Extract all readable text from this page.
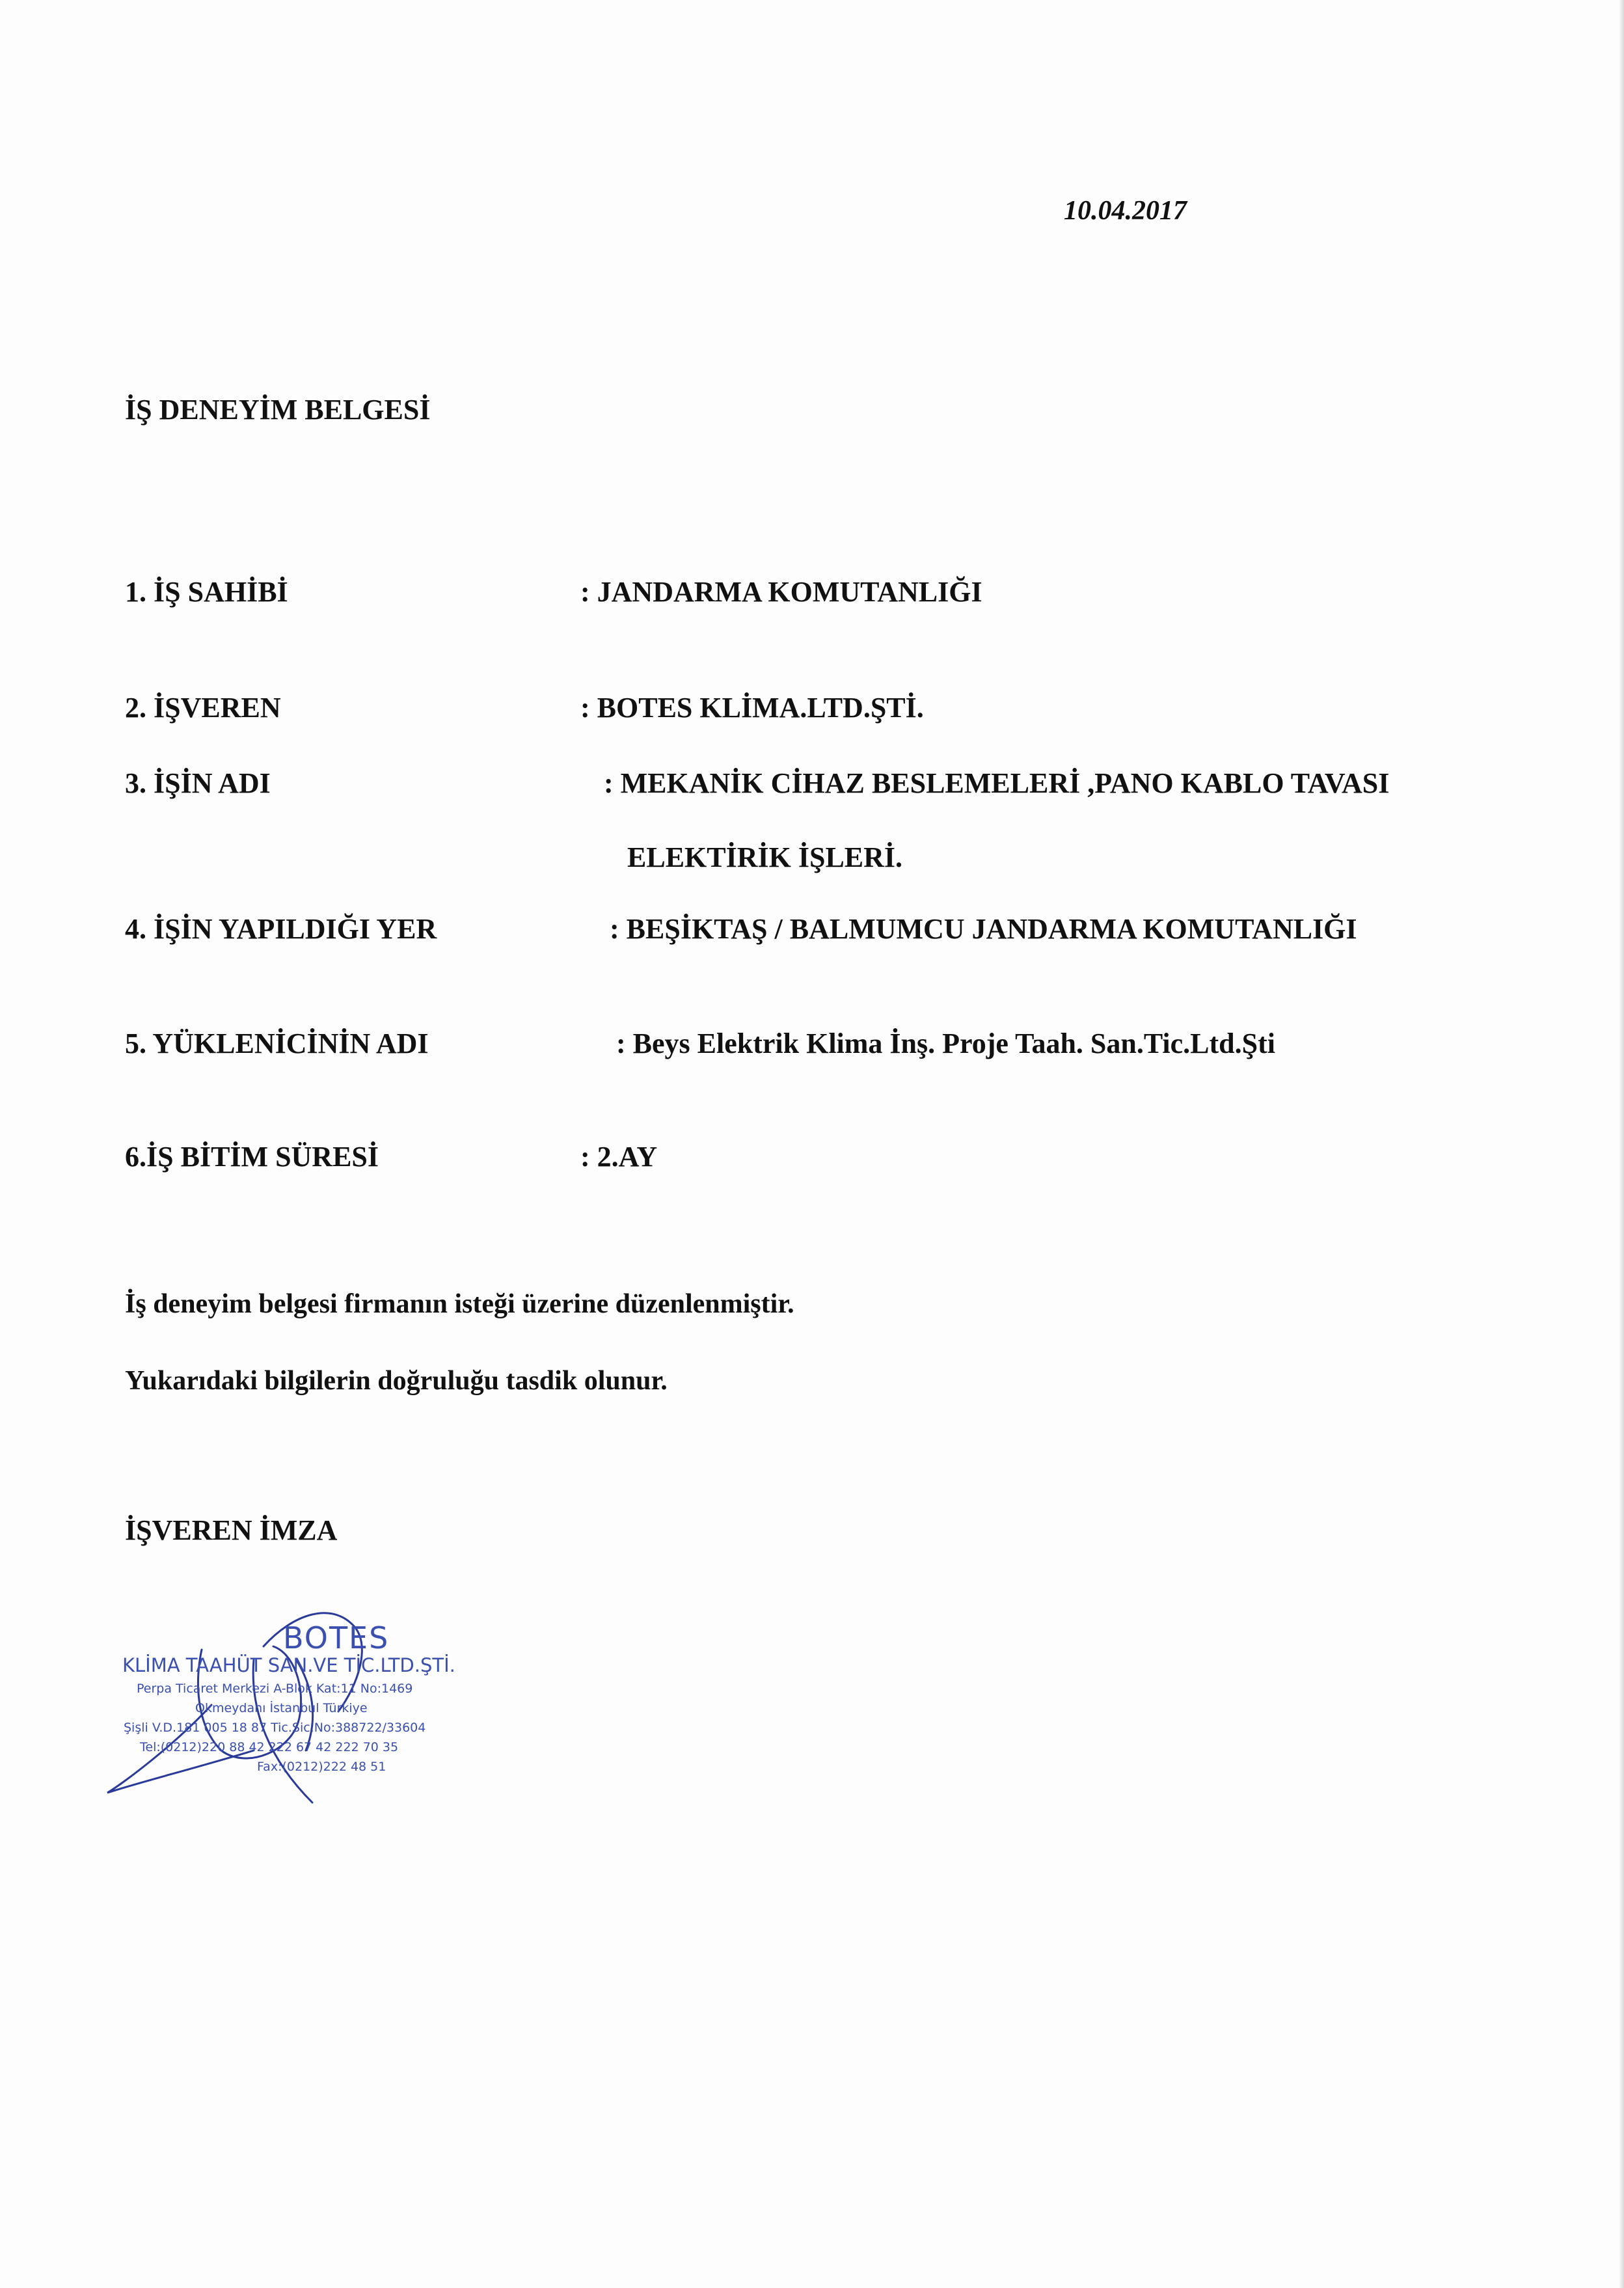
10.04.2017
İŞ DENEYİM BELGESİ
1. İŞ SAHİBİ	: JANDARMA KOMUTANLIĞI
2. İŞVEREN	: BOTES KLİMA.LTD.ŞTİ.
3. İŞİN ADI	: MEKANİK CİHAZ BESLEMELERİ ,PANO KABLO TAVASI
ELEKTİRİK İŞLERİ.
4. İŞİN YAPILDIĞI YER	: BEŞİKTAŞ / BALMUMCU JANDARMA KOMUTANLIĞI
5. YÜKLENİCİNİN ADI	: Beys Elektrik Klima İnş. Proje Taah. San.Tic.Ltd.Şti
6.İŞ BİTİM SÜRESİ	: 2.AY
İş deneyim belgesi firmanın isteği üzerine düzenlenmiştir.
Yukarıdaki bilgilerin doğruluğu tasdik olunur.
İŞVEREN İMZA
BOTES
KLİMA TAAHÜT SAN.VE TİC.LTD.ŞTİ.
Perpa Ticaret Merkezi A-Blok Kat:11 No:1469
Okmeydanı İstanbul Türkiye
Şişli V.D.181 005 18 87 Tic.Sic.No:388722/33604
Tel:(0212)220 88 42 222 67 42 222 70 35
Fax:(0212)222 48 51
